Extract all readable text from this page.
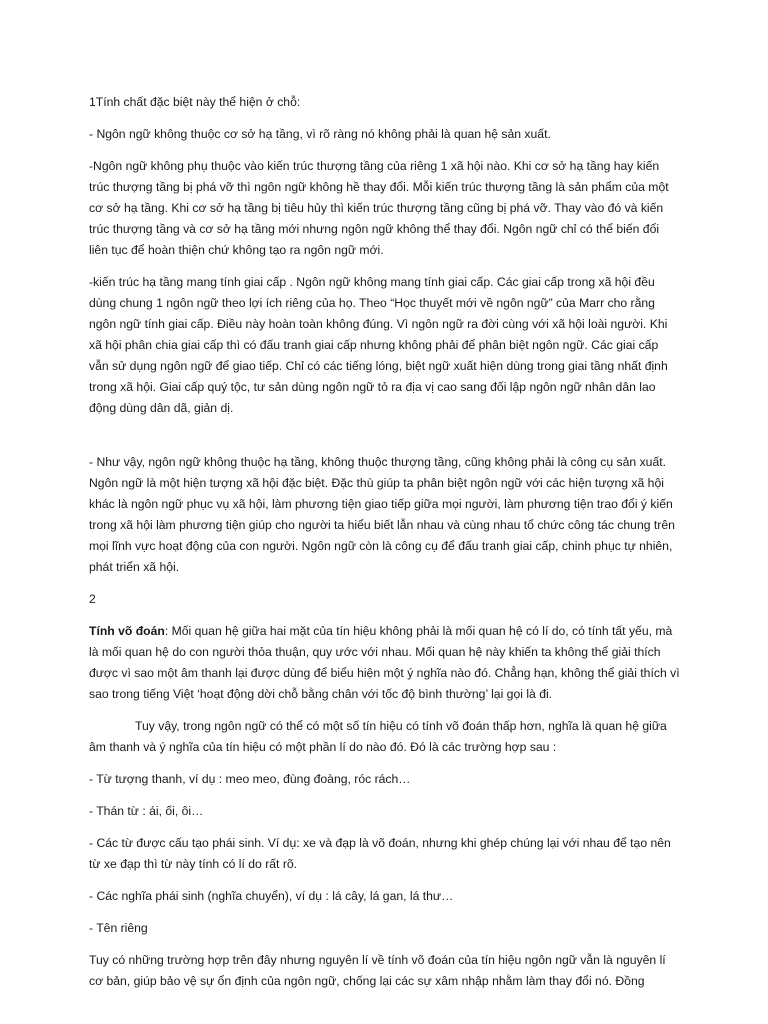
1Tính chất đặc biệt này thể hiện ở chỗ:

- Ngôn ngữ không thuộc cơ sở hạ tầng, vì rõ ràng nó không phải là quan hệ sản xuất.

-Ngôn ngữ không phụ thuộc vào kiến trúc thượng tầng của riêng 1 xã hội nào. Khi cơ sở hạ tầng hay kiến trúc thượng tầng bị phá vỡ thì ngôn ngữ không hề thay đổi. Mỗi kiến trúc thượng tầng là sản phẩm của một cơ sở hạ tầng. Khi cơ sở hạ tầng bị tiêu hủy thì kiến trúc thượng tầng cũng bị phá vỡ. Thay vào đó và kiến trúc thượng tầng và cơ sở hạ tầng mới nhưng ngôn ngữ không thể thay đổi. Ngôn ngữ chỉ có thể biến đổi liên tục để hoàn thiện chứ không tạo ra ngôn ngữ mới.

-kiến trúc hạ tầng mang tính giai cấp . Ngôn ngữ không mang tính giai cấp. Các giai cấp trong xã hội đều dùng chung 1 ngôn ngữ theo lợi ích riêng của họ. Theo “Học thuyết mới về ngôn ngữ” của Marr cho rằng ngôn ngữ tính giai cấp. Điều này hoàn toàn không đúng. Vì ngôn ngữ ra đời cùng với xã hội loài người. Khi xã hội phân chia giai cấp thì có đấu tranh giai cấp nhưng không phải để phân biệt ngôn ngữ. Các giai cấp vẫn sử dụng ngôn ngữ để giao tiếp. Chỉ có các tiếng lóng, biệt ngữ xuất hiện dùng trong giai tầng nhất định trong xã hội. Giai cấp quý tộc, tư sản dùng ngôn ngữ tỏ ra địa vị cao sang đối lập ngôn ngữ nhân dân lao động dùng dân dã, giản dị.

- Như vậy, ngôn ngữ không thuộc hạ tầng, không thuộc thượng tầng, cũng không phải là công cụ sản xuất. Ngôn ngữ là một hiện tượng xã hội đặc biệt. Đặc thù giúp ta phân biệt ngôn ngữ với các hiện tượng xã hội khác là ngôn ngữ phục vụ xã hội, làm phương tiện giao tiếp giữa mọi người, làm phương tiện trao đổi ý kiến trong xã hội làm phương tiện giúp cho người ta hiểu biết lẫn nhau và cùng nhau tổ chức công tác chung trên mọi lĩnh vực hoạt động của con người. Ngôn ngữ còn là công cụ để đấu tranh giai cấp, chinh phục tự nhiên, phát triển xã hội.

2

Tính võ đoán: Mối quan hệ giữa hai mặt của tín hiệu không phải là mối quan hệ có lí do, có tính tất yếu, mà là mối quan hệ do con người thỏa thuận, quy ước với nhau. Mối quan hệ này khiến ta không thể giải thích được vì sao một âm thanh lại được dùng để biểu hiện một ý nghĩa nào đó. Chẳng hạn, không thể giải thích vì sao trong tiếng Việt ‘hoạt động dời chỗ bằng chân với tốc độ bình thường’ lại gọi là đi.

Tuy vậy, trong ngôn ngữ có thể có một số tín hiệu có tính võ đoán thấp hơn, nghĩa là quan hệ giữa âm thanh và ý nghĩa của tín hiệu có một phần lí do nào đó. Đó là các trường hợp sau :

- Từ tượng thanh, ví dụ : meo meo, đùng đoàng, róc rách…

- Thán từ : ái, ối, ôi…

- Các từ được cấu tạo phái sinh. Ví dụ: xe và đạp là võ đoán, nhưng khi ghép chúng lại với nhau để tạo nên từ xe đạp thì từ này tính có lí do rất rõ.

- Các nghĩa phái sinh (nghĩa chuyển), ví dụ : lá cây, lá gan, lá thư…

- Tên riêng

Tuy có những trường hợp trên đây nhưng nguyên lí về tính võ đoán của tín hiệu ngôn ngữ vẫn là nguyên lí cơ bản, giúp bảo vệ sự ổn định của ngôn ngữ, chống lại các sự xâm nhập nhằm làm thay đổi nó. Đồng
